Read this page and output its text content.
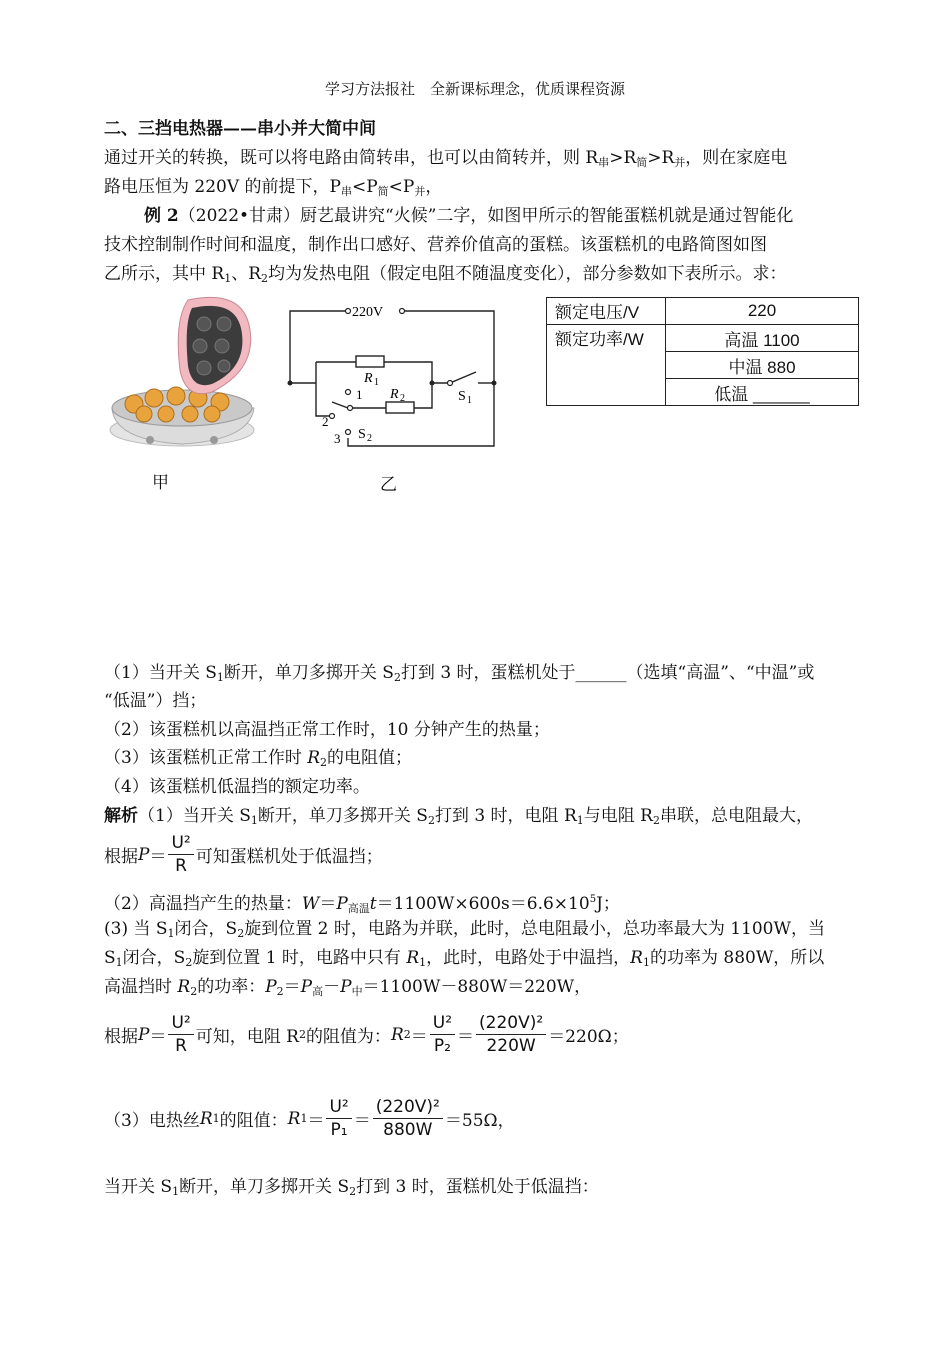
学习方法报社　全新课标理念，优质课程资源
二、三挡电热器——串小并大简中间
通过开关的转换，既可以将电路由简转串，也可以由简转并，则 $R_串>R_简>R_并$，则在家庭电
路电压恒为 220V 的前提下，$P_串<P_简<P_并$，
例 2（2022•甘肃）厨艺最讲究“火候”二字，如图甲所示的智能蛋糕机就是通过智能化
技术控制制作时间和温度，制作出口感好、营养价值高的蛋糕。该蛋糕机的电路简图如图
乙所示，其中 $R_1$、$R_2$均为发热电阻（假定电阻不随温度变化），部分参数如下表所示。求：
甲
220V
R 1
R 2	S 1
S 2
1
2
3
乙
额定电压/V	220
额定功率/W	高温 1100
	中温 880
	低温 ______
（1）当开关 $S_1$断开，单刀多掷开关 $S_2$打到 3 时，蛋糕机处于______（选填“高温”、“中温”或
“低温”）挡；
（2）该蛋糕机以高温挡正常工作时，10 分钟产生的热量；
（3）该蛋糕机正常工作时 $R_2$的电阻值；
（4）该蛋糕机低温挡的额定功率。
解析（1）当开关 $S_1$断开，单刀多掷开关 $S_2$打到 3 时，电阻 $R_1$与电阻 $R_2$串联，总电阻最大，
根据 $P = \frac{\text{U²}}{R}$ 可知蛋糕机处于低温挡；
（2）高温挡产生的热量：$W=P_{高温}t=1100W\times 600s=6.6\times 10^5J$；
(3) 当 $S_1$闭合，$S_2$旋到位置 2 时，电路为并联，此时，总电阻最小，总功率最大为 1100W，当
$S_1$闭合，$S_2$旋到位置 1 时，电路中只有 $R_1$，此时，电路处于中温挡，$R_1$的功率为 880W，所以
高温挡时 $R_2$的功率：$P_2=P_高-P_中=1100W-880W=220W$，
根据 $P = \frac{\text{U²}}{R}$ 可知，电阻 R 2 的阻值为： R $2 = \frac{\text{U²}}{\text{P₂}} = \frac{\text{(220V)²}}{220W} =220\Omega$；
（3）电热丝 R 1 的阻值： R $1 = \frac{\text{U²}}{\text{P₁}} = \frac{\text{(220V)²}}{880W} =55\Omega$，
当开关 $S_1$断开，单刀多掷开关 $S_2$打到 3 时，蛋糕机处于低温挡：
